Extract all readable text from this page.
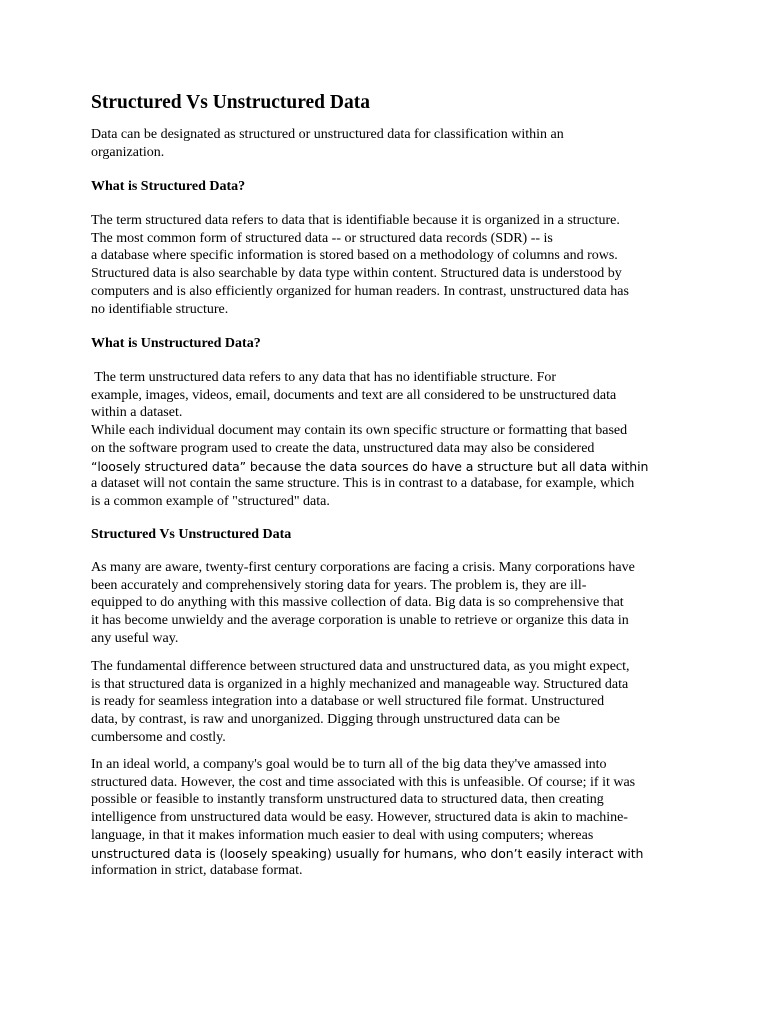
Structured Vs Unstructured Data

Data can be designated as structured or unstructured data for classification within an
organization.

What is Structured Data?

The term structured data refers to data that is identifiable because it is organized in a structure.
The most common form of structured data -- or structured data records (SDR) -- is
a database where specific information is stored based on a methodology of columns and rows.
Structured data is also searchable by data type within content. Structured data is understood by
computers and is also efficiently organized for human readers. In contrast, unstructured data has
no identifiable structure.

What is Unstructured Data?

The term unstructured data refers to any data that has no identifiable structure. For
example, images, videos, email, documents and text are all considered to be unstructured data
within a dataset.
While each individual document may contain its own specific structure or formatting that based
on the software program used to create the data, unstructured data may also be considered
“loosely structured data” because the data sources do have a structure but all data within
a dataset will not contain the same structure. This is in contrast to a database, for example, which
is a common example of "structured" data.

Structured Vs Unstructured Data

As many are aware, twenty-first century corporations are facing a crisis. Many corporations have
been accurately and comprehensively storing data for years. The problem is, they are ill-
equipped to do anything with this massive collection of data. Big data is so comprehensive that
it has become unwieldy and the average corporation is unable to retrieve or organize this data in
any useful way.

The fundamental difference between structured data and unstructured data, as you might expect,
is that structured data is organized in a highly mechanized and manageable way. Structured data
is ready for seamless integration into a database or well structured file format. Unstructured
data, by contrast, is raw and unorganized. Digging through unstructured data can be
cumbersome and costly.

In an ideal world, a company's goal would be to turn all of the big data they've amassed into
structured data. However, the cost and time associated with this is unfeasible. Of course; if it was
possible or feasible to instantly transform unstructured data to structured data, then creating
intelligence from unstructured data would be easy. However, structured data is akin to machine-
language, in that it makes information much easier to deal with using computers; whereas
unstructured data is (loosely speaking) usually for humans, who don’t easily interact with
information in strict, database format.
